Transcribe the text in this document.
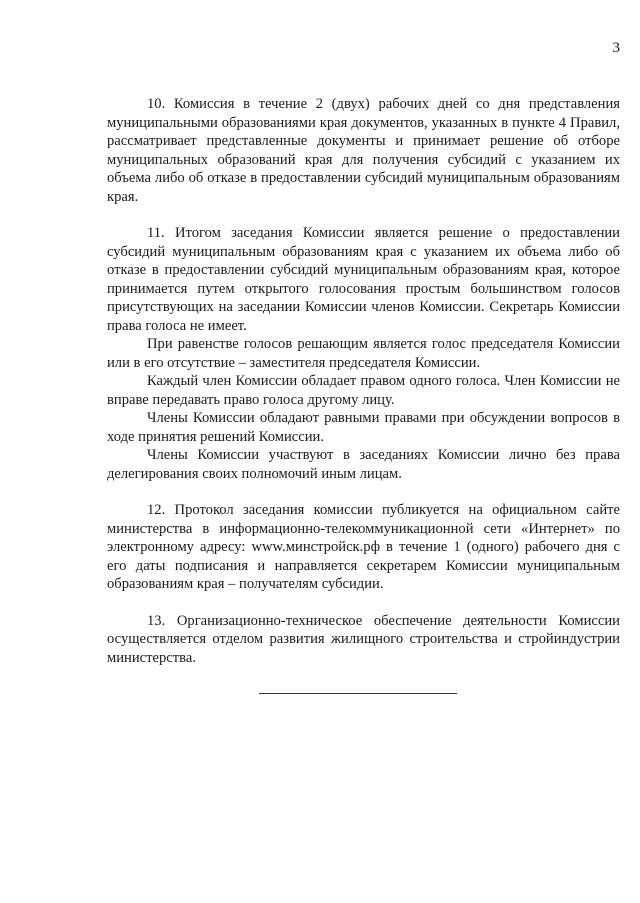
3

10. Комиссия в течение 2 (двух) рабочих дней со дня представления муниципальными образованиями края документов, указанных в пункте 4 Правил, рассматривает представленные документы и принимает решение об отборе муниципальных образований края для получения субсидий с указанием их объема либо об отказе в предоставлении субсидий муниципальным образованиям края.

11. Итогом заседания Комиссии является решение о предоставлении субсидий муниципальным образованиям края с указанием их объема либо об отказе в предоставлении субсидий муниципальным образованиям края, которое принимается путем открытого голосования простым большинством голосов присутствующих на заседании Комиссии членов Комиссии. Секретарь Комиссии права голоса не имеет.

При равенстве голосов решающим является голос председателя Комиссии или в его отсутствие – заместителя председателя Комиссии.

Каждый член Комиссии обладает правом одного голоса. Член Комиссии не вправе передавать право голоса другому лицу.

Члены Комиссии обладают равными правами при обсуждении вопросов в ходе принятия решений Комиссии.

Члены Комиссии участвуют в заседаниях Комиссии лично без права делегирования своих полномочий иным лицам.

12. Протокол заседания комиссии публикуется на официальном сайте министерства в информационно-телекоммуникационной сети «Интернет» по электронному адресу: www.минстройск.рф в течение 1 (одного) рабочего дня с его даты подписания и направляется секретарем Комиссии муниципальным образованиям края – получателям субсидии.

13. Организационно-техническое обеспечение деятельности Комиссии осуществляется отделом развития жилищного строительства и стройиндустрии министерства.
